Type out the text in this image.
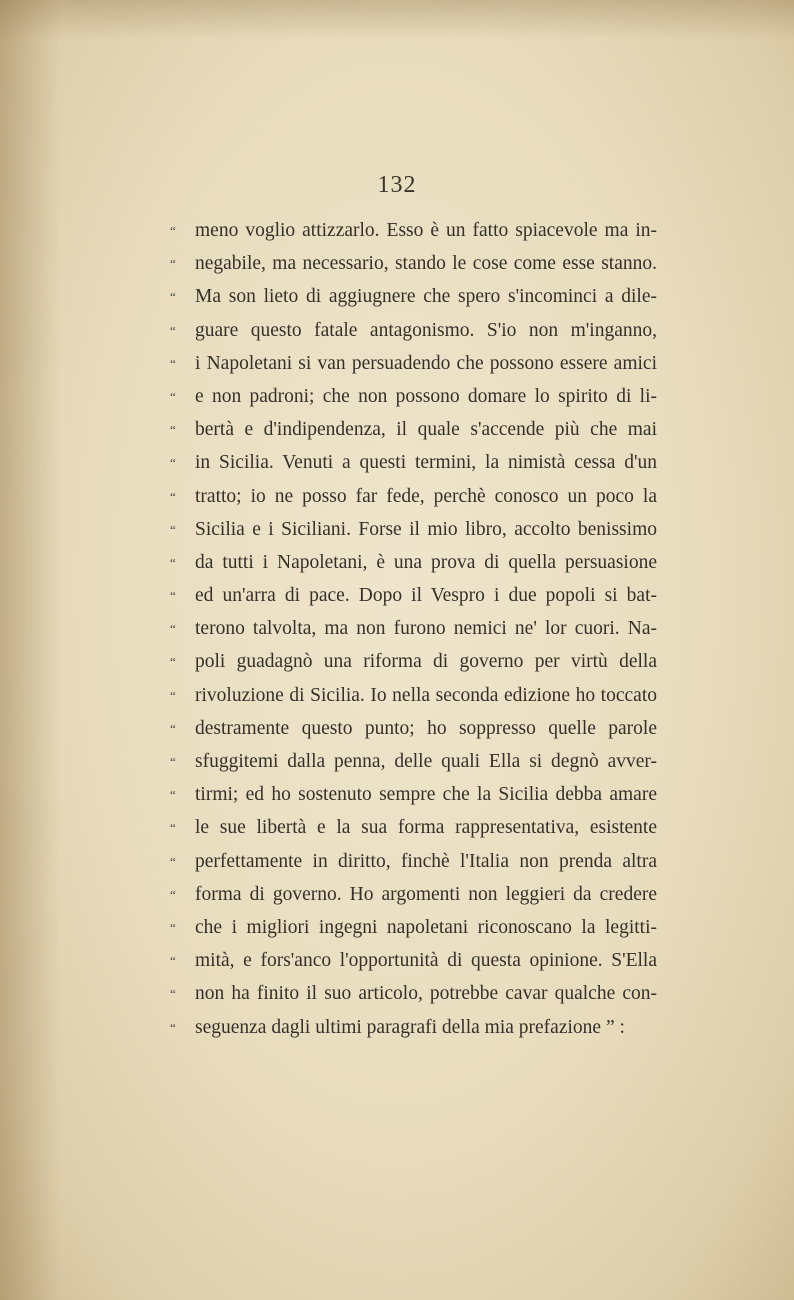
132
“ meno voglio attizzarlo. Esso è un fatto spiacevole ma in-
“ negabile, ma necessario, stando le cose come esse stanno.
“ Ma son lieto di aggiugnere che spero s'incominci a dile-
“ guare questo fatale antagonismo. S'io non m'inganno,
“ i Napoletani si van persuadendo che possono essere amici
“ e non padroni; che non possono domare lo spirito di li-
“ bertà e d'indipendenza, il quale s'accende più che mai
“ in Sicilia. Venuti a questi termini, la nimistà cessa d'un
“ tratto; io ne posso far fede, perchè conosco un poco la
“ Sicilia e i Siciliani. Forse il mio libro, accolto benissimo
“ da tutti i Napoletani, è una prova di quella persuasione
“ ed un'arra di pace. Dopo il Vespro i due popoli si bat-
“ terono talvolta, ma non furono nemici ne' lor cuori. Na-
“ poli guadagnò una riforma di governo per virtù della
“ rivoluzione di Sicilia. Io nella seconda edizione ho toccato
“ destramente questo punto; ho soppresso quelle parole
“ sfuggitemi dalla penna, delle quali Ella si degnò avver-
“ tirmi; ed ho sostenuto sempre che la Sicilia debba amare
“ le sue libertà e la sua forma rappresentativa, esistente
“ perfettamente in diritto, finchè l'Italia non prenda altra
“ forma di governo. Ho argomenti non leggieri da credere
“ che i migliori ingegni napoletani riconoscano la legitti-
“ mità, e fors'anco l'opportunità di questa opinione. S'Ella
“ non ha finito il suo articolo, potrebbe cavar qualche con-
“ seguenza dagli ultimi paragrafi della mia prefazione ” :
